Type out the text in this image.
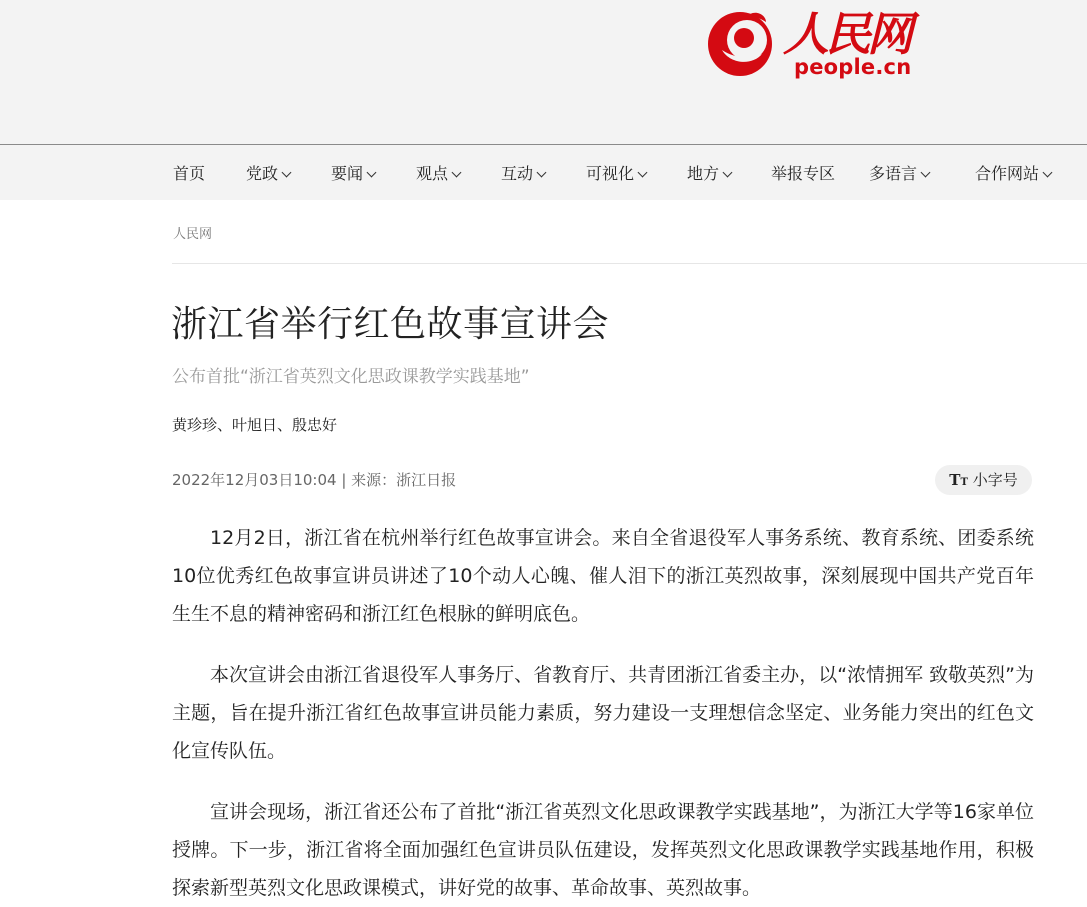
人民网
people.cn
首页	党政	要闻	观点	互动	可视化	地方	举报专区 多语言	合作网站
人民网
浙江省举行红色故事宣讲会
公布首批“浙江省英烈文化思政课教学实践基地”
黄珍珍、叶旭日、殷忠好
2022年12月03日10:04 | 来源：浙江日报	TT 小字号

12月2日，浙江省在杭州举行红色故事宣讲会。来自全省退役军人事务系统、教育系统、团委系统10位优秀红色故事宣讲员讲述了10个动人心魄、催人泪下的浙江英烈故事，深刻展现中国共产党百年生生不息的精神密码和浙江红色根脉的鲜明底色。

本次宣讲会由浙江省退役军人事务厅、省教育厅、共青团浙江省委主办，以“浓情拥军 致敬英烈”为主题，旨在提升浙江省红色故事宣讲员能力素质，努力建设一支理想信念坚定、业务能力突出的红色文化宣传队伍。

宣讲会现场，浙江省还公布了首批“浙江省英烈文化思政课教学实践基地”，为浙江大学等16家单位授牌。下一步，浙江省将全面加强红色宣讲员队伍建设，发挥英烈文化思政课教学实践基地作用，积极探索新型英烈文化思政课模式，讲好党的故事、革命故事、英烈故事。
